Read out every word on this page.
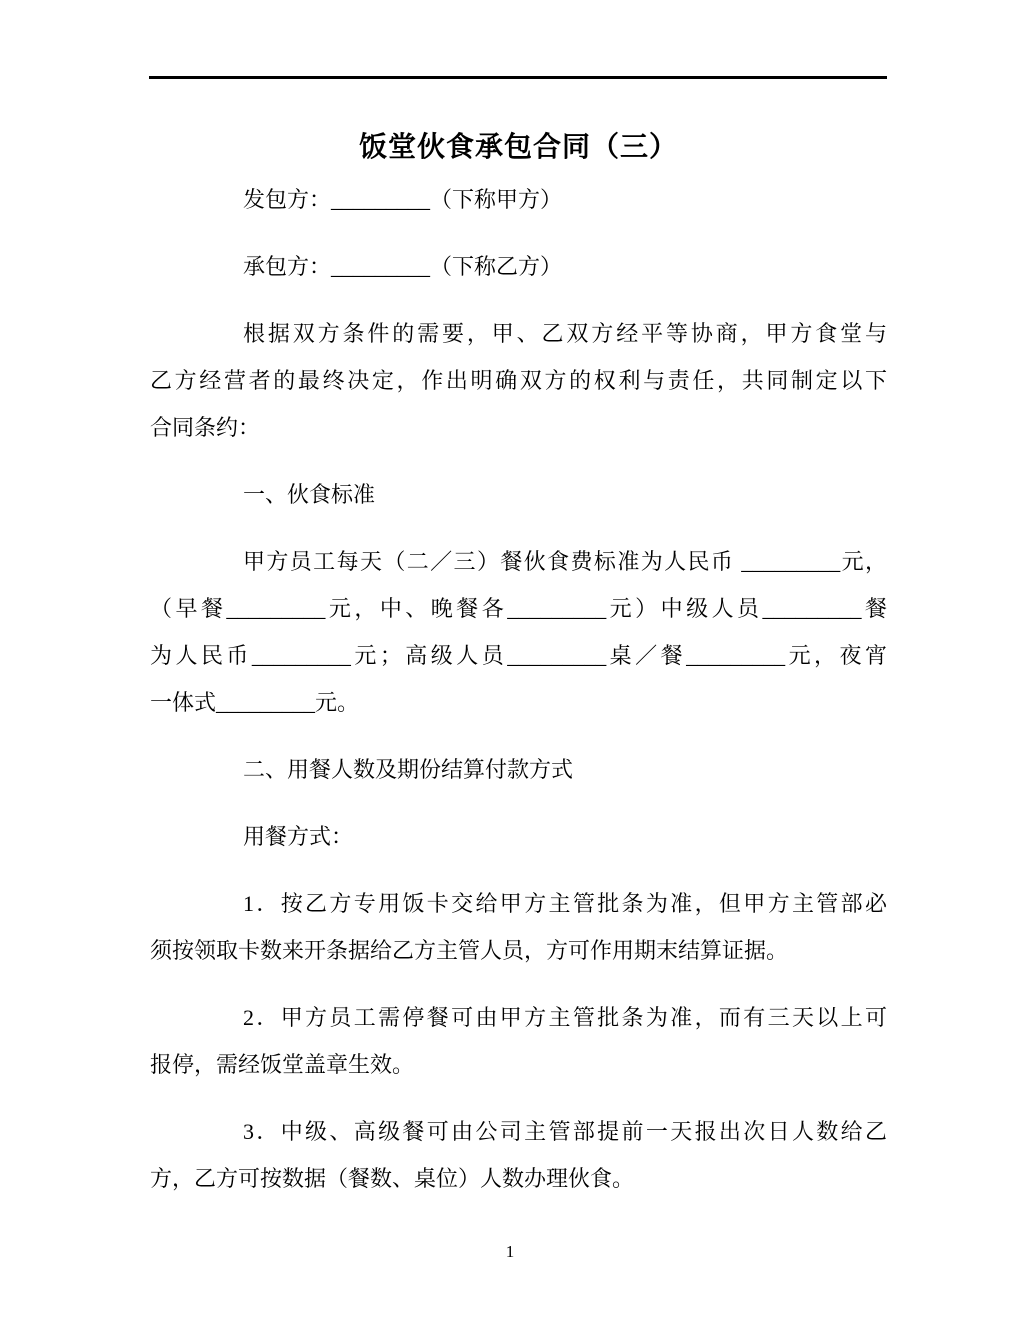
饭堂伙食承包合同（三）

发包方：_________（下称甲方）

承包方：_________（下称乙方）

根据双方条件的需要，甲、乙双方经平等协商，甲方食堂与
乙方经营者的最终决定，作出明确双方的权利与责任，共同制定以下
合同条约：

一、伙食标准

甲方员工每天（二／三）餐伙食费标准为人民币 _________元，
（早餐_________元，中、晚餐各_________元）中级人员_________餐
为人民币_________元；高级人员_________桌／餐_________元，夜宵
一体式_________元。

二、用餐人数及期份结算付款方式

用餐方式：

1．按乙方专用饭卡交给甲方主管批条为准，但甲方主管部必
须按领取卡数来开条据给乙方主管人员，方可作用期末结算证据。

2．甲方员工需停餐可由甲方主管批条为准，而有三天以上可
报停，需经饭堂盖章生效。

3．中级、高级餐可由公司主管部提前一天报出次日人数给乙
方，乙方可按数据（餐数、桌位）人数办理伙食。

1
